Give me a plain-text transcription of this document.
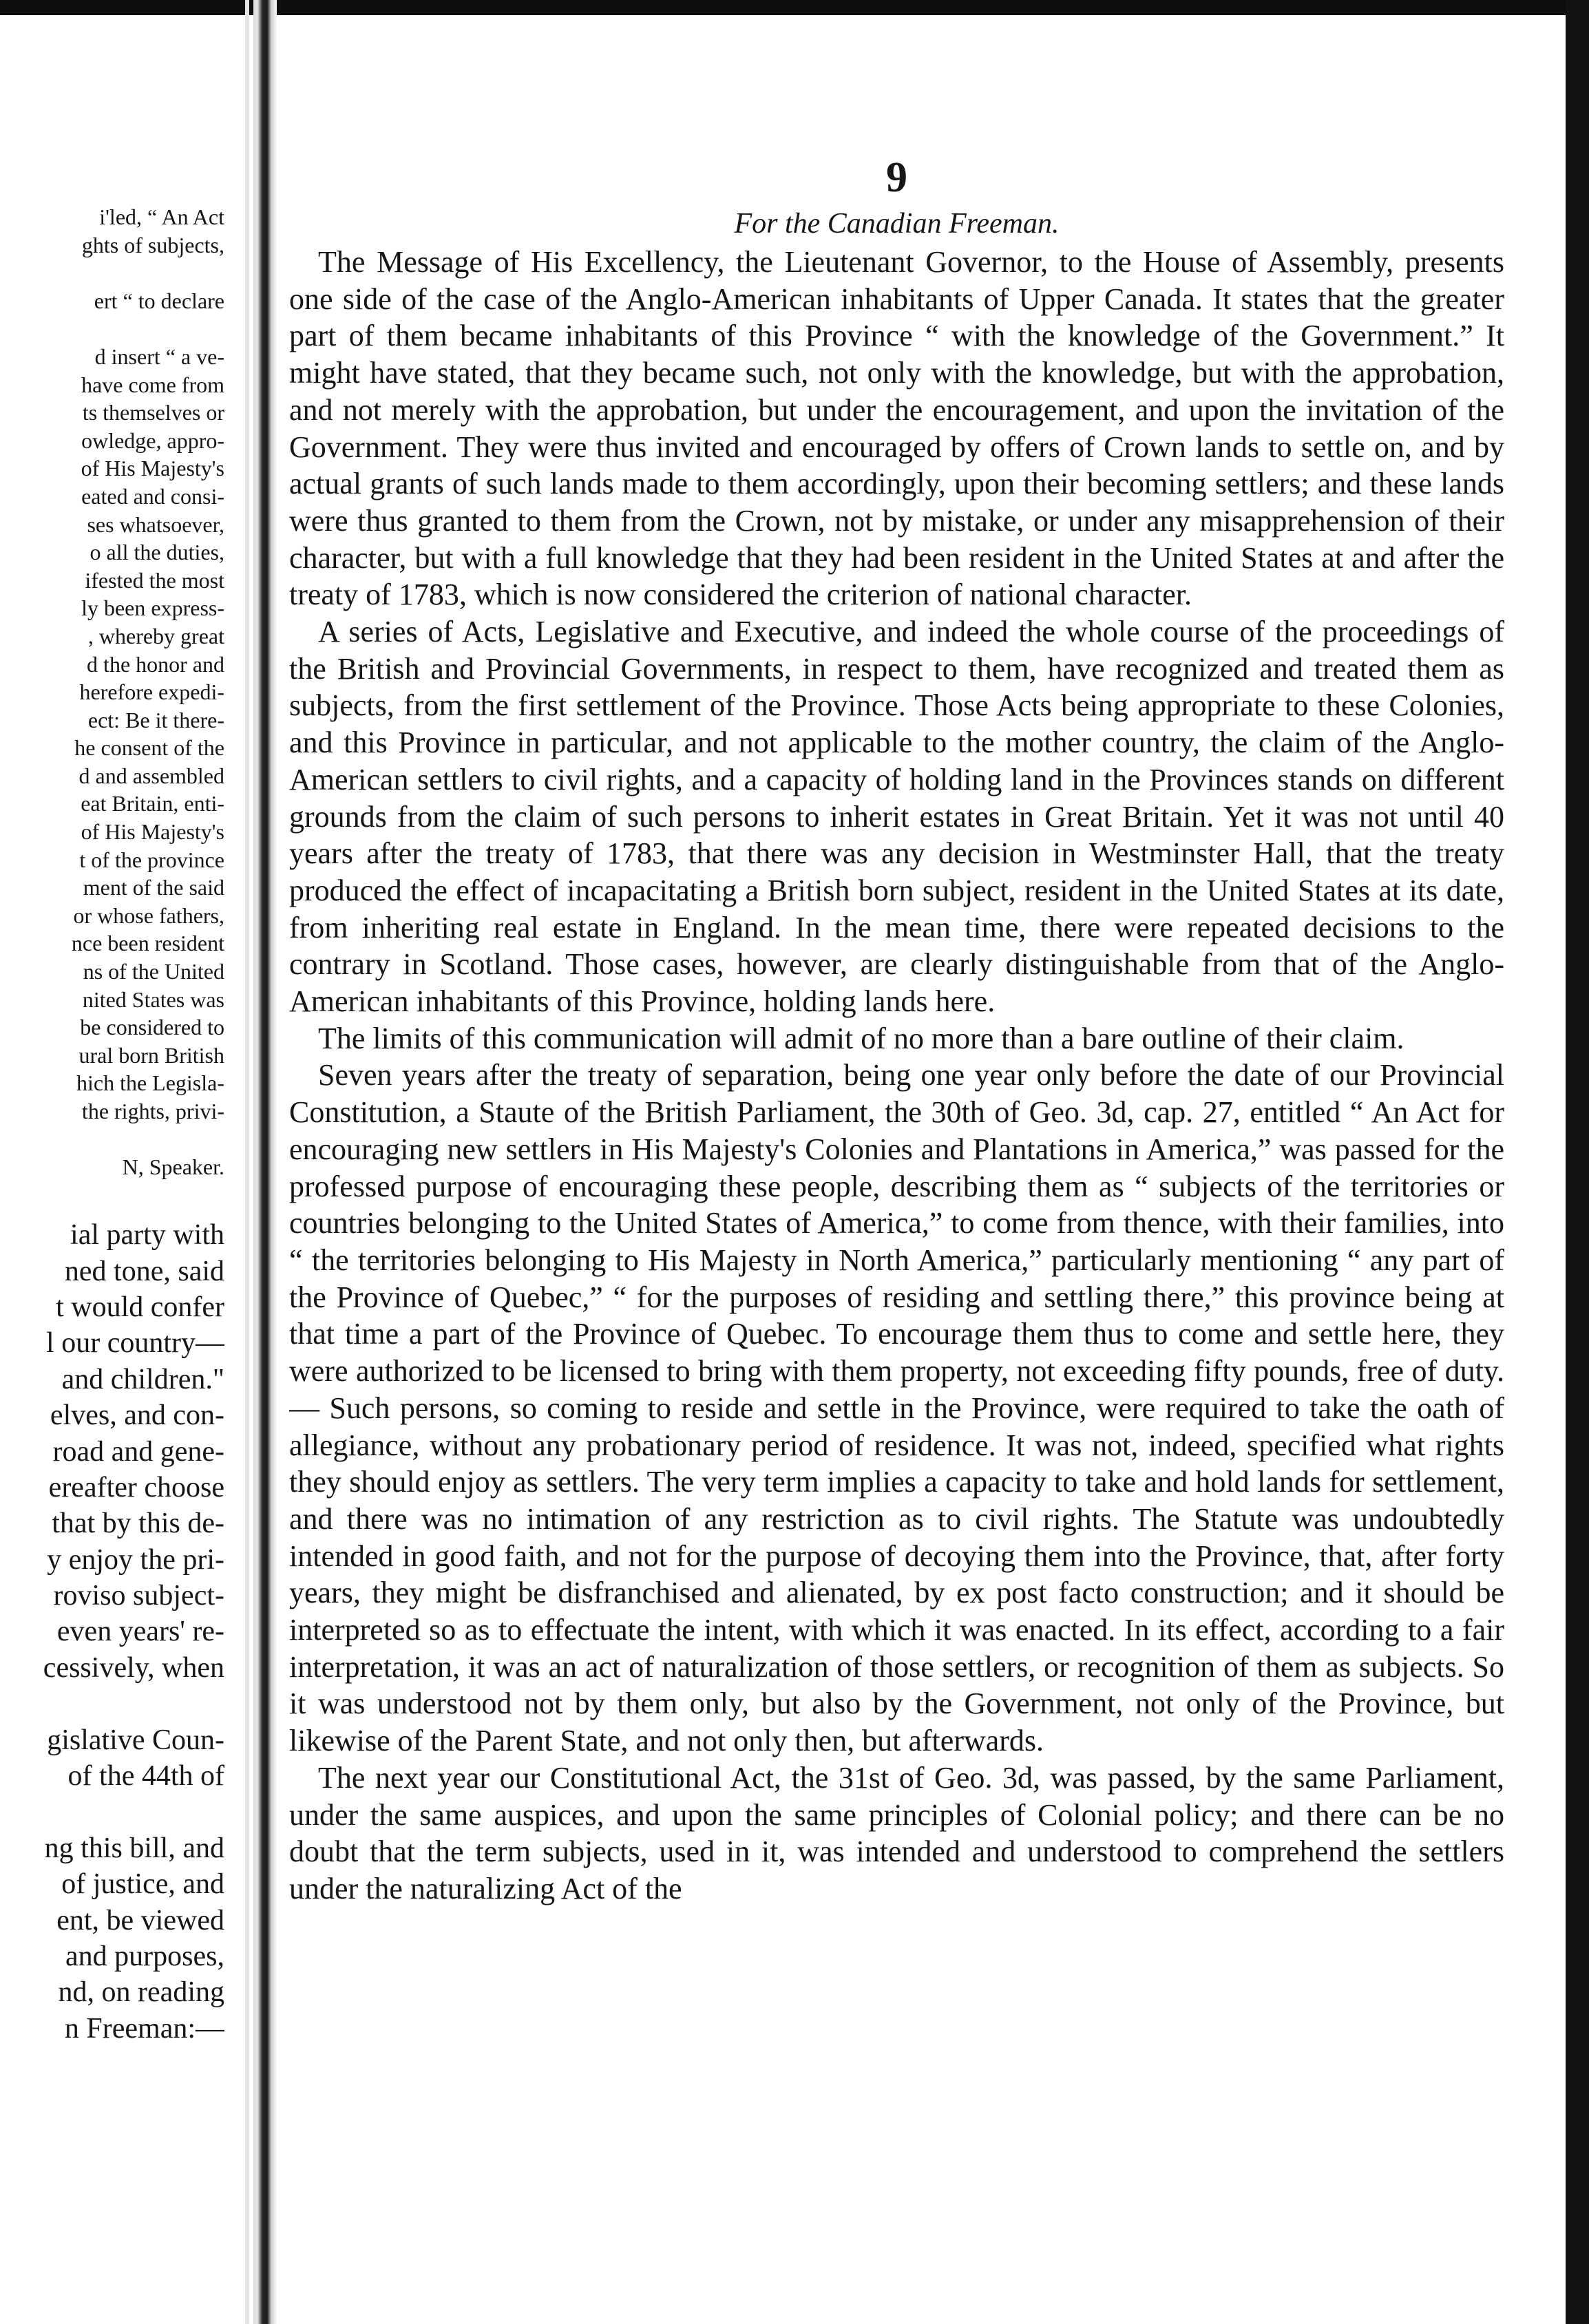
i'led, “ An Act
ghts of subjects,
ert “ to declare
d insert “ a ve-
have come from
ts themselves or
owledge, appro-
of His Majesty's
eated and consi-
ses whatsoever,
o all the duties,
ifested the most
ly been express-
, whereby great
d the honor and
herefore expedi-
ect: Be it there-
he consent of the
d and assembled
eat Britain, enti-
of His Majesty's
t of the province
ment of the said
or whose fathers,
nce been resident
ns of the United
nited States was
be considered to
ural born British
hich the Legisla-
the rights, privi-
N, Speaker.
ial party with
ned tone, said
t would confer
l our country—
and children."
elves, and con-
road and gene-
ereafter choose
that by this de-
y enjoy the pri-
roviso subject-
even years' re-
cessively, when
gislative Coun-
of the 44th of
ng this bill, and
of justice, and
ent, be viewed
and purposes,
nd, on reading
n Freeman:—
9
For the Canadian Freeman.

The Message of His Excellency, the Lieutenant Governor, to the House of Assembly, presents one side of the case of the Anglo-American inhabitants of Upper Canada. It states that the greater part of them became inhabitants of this Province “ with the knowledge of the Government.” It might have stated, that they became such, not only with the knowledge, but with the approbation, and not merely with the approbation, but under the encouragement, and upon the invitation of the Government. They were thus invited and encouraged by offers of Crown lands to settle on, and by actual grants of such lands made to them accordingly, upon their becoming settlers; and these lands were thus granted to them from the Crown, not by mistake, or under any misapprehension of their character, but with a full knowledge that they had been resident in the United States at and after the treaty of 1783, which is now considered the criterion of national character.

A series of Acts, Legislative and Executive, and indeed the whole course of the proceedings of the British and Provincial Governments, in respect to them, have recognized and treated them as subjects, from the first settlement of the Province. Those Acts being appropriate to these Colonies, and this Province in particular, and not applicable to the mother country, the claim of the Anglo-American settlers to civil rights, and a capacity of holding land in the Provinces stands on different grounds from the claim of such persons to inherit estates in Great Britain. Yet it was not until 40 years after the treaty of 1783, that there was any decision in Westminster Hall, that the treaty produced the effect of incapacitating a British born subject, resident in the United States at its date, from inheriting real estate in England. In the mean time, there were repeated decisions to the contrary in Scotland. Those cases, however, are clearly distinguishable from that of the Anglo-American inhabitants of this Province, holding lands here.

The limits of this communication will admit of no more than a bare outline of their claim.

Seven years after the treaty of separation, being one year only before the date of our Provincial Constitution, a Staute of the British Parliament, the 30th of Geo. 3d, cap. 27, entitled “ An Act for encouraging new settlers in His Majesty's Colonies and Plantations in America,” was passed for the professed purpose of encouraging these people, describing them as “ subjects of the territories or countries belonging to the United States of America,” to come from thence, with their families, into “ the territories belonging to His Majesty in North America,” particularly mentioning “ any part of the Province of Quebec,” “ for the purposes of residing and settling there,” this province being at that time a part of the Province of Quebec. To encourage them thus to come and settle here, they were authorized to be licensed to bring with them property, not exceeding fifty pounds, free of duty.— Such persons, so coming to reside and settle in the Province, were required to take the oath of allegiance, without any probationary period of residence. It was not, indeed, specified what rights they should enjoy as settlers. The very term implies a capacity to take and hold lands for settlement, and there was no intimation of any restriction as to civil rights. The Statute was undoubtedly intended in good faith, and not for the purpose of decoying them into the Province, that, after forty years, they might be disfranchised and alienated, by ex post facto construction; and it should be interpreted so as to effectuate the intent, with which it was enacted. In its effect, according to a fair interpretation, it was an act of naturalization of those settlers, or recognition of them as subjects. So it was understood not by them only, but also by the Government, not only of the Province, but likewise of the Parent State, and not only then, but afterwards.

The next year our Constitutional Act, the 31st of Geo. 3d, was passed, by the same Parliament, under the same auspices, and upon the same principles of Colonial policy; and there can be no doubt that the term subjects, used in it, was intended and understood to comprehend the settlers under the naturalizing Act of the
